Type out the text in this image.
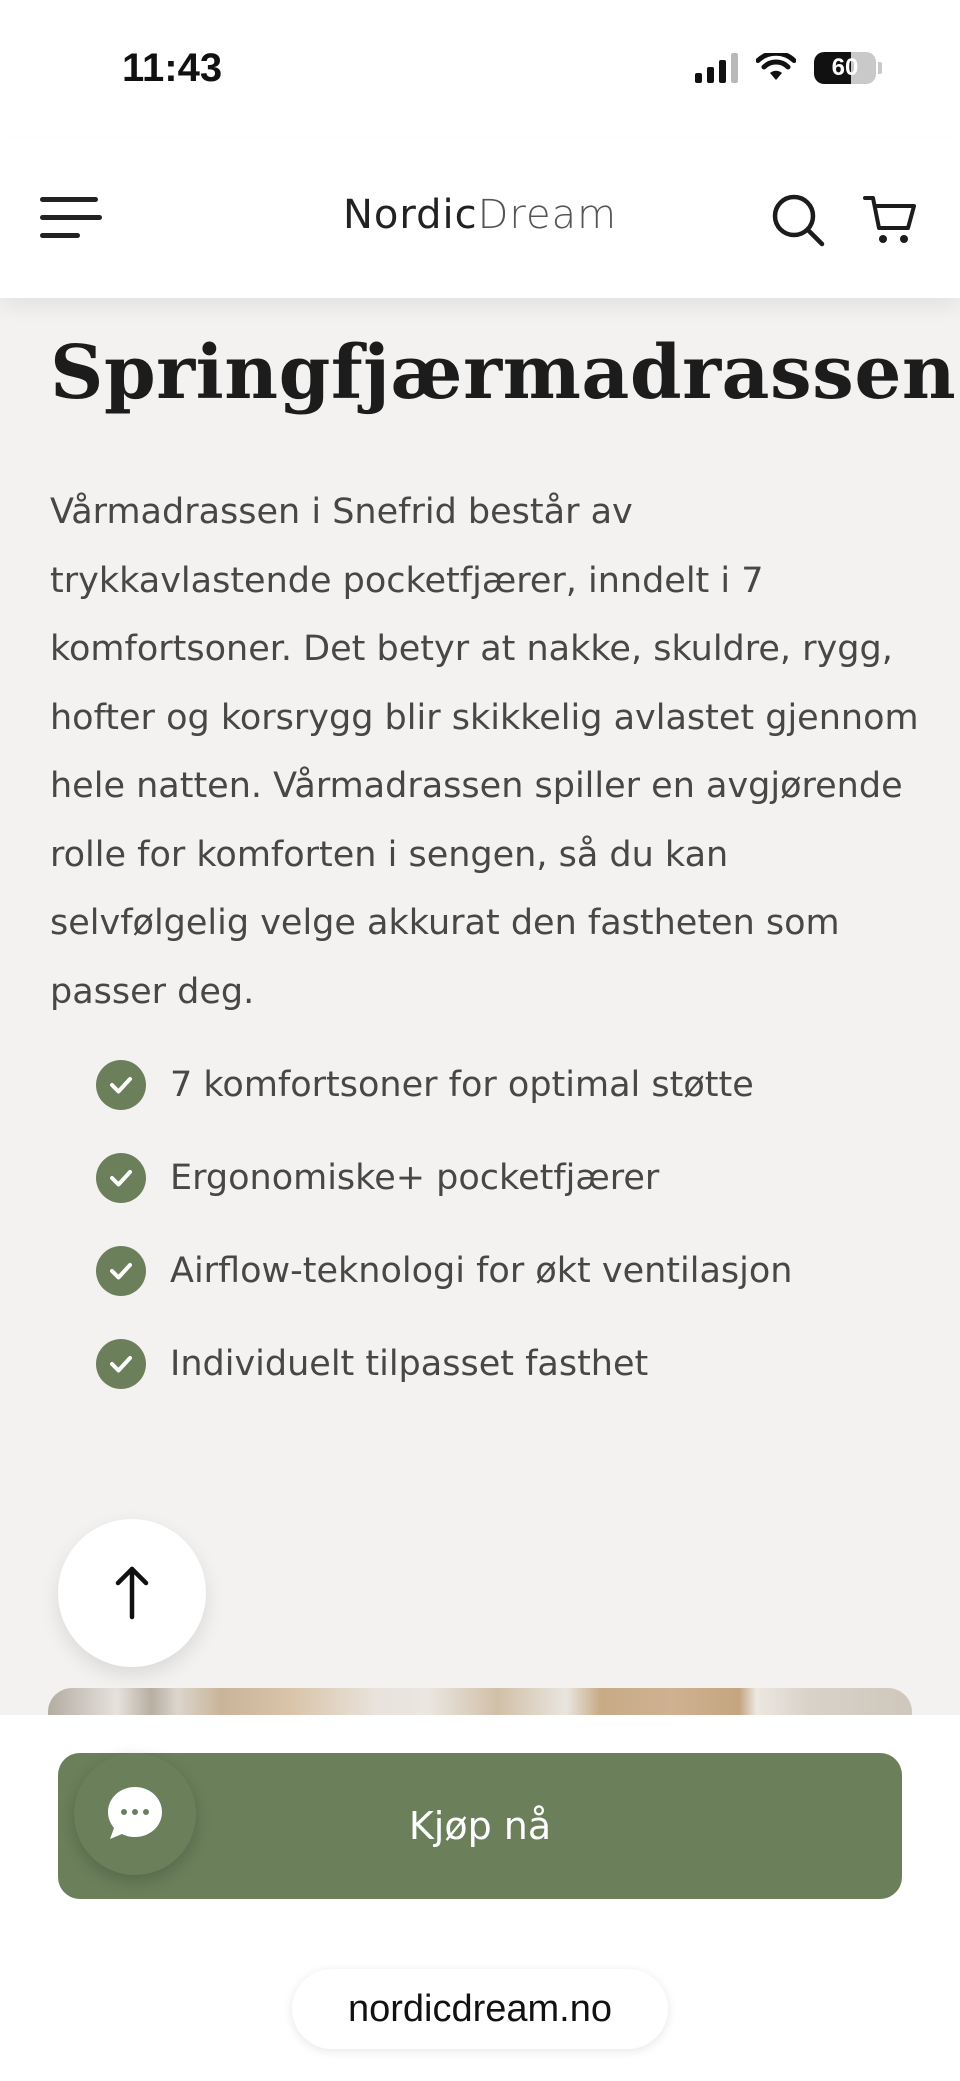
11:43	60
NordicDream
Springfjærmadrassen

Vårmadrassen i Snefrid består av trykkavlastende pocketfjærer, inndelt i 7 komfortsoner. Det betyr at nakke, skuldre, rygg, hofter og korsrygg blir skikkelig avlastet gjennom hele natten. Vårmadrassen spiller en avgjørende rolle for komforten i sengen, så du kan selvfølgelig velge akkurat den fastheten som passer deg.

7 komfortsoner for optimal støtte
Ergonomiske+ pocketfjærer
Airflow-teknologi for økt ventilasjon
Individuelt tilpasset fasthet
Kjøp nå
nordicdream.no
